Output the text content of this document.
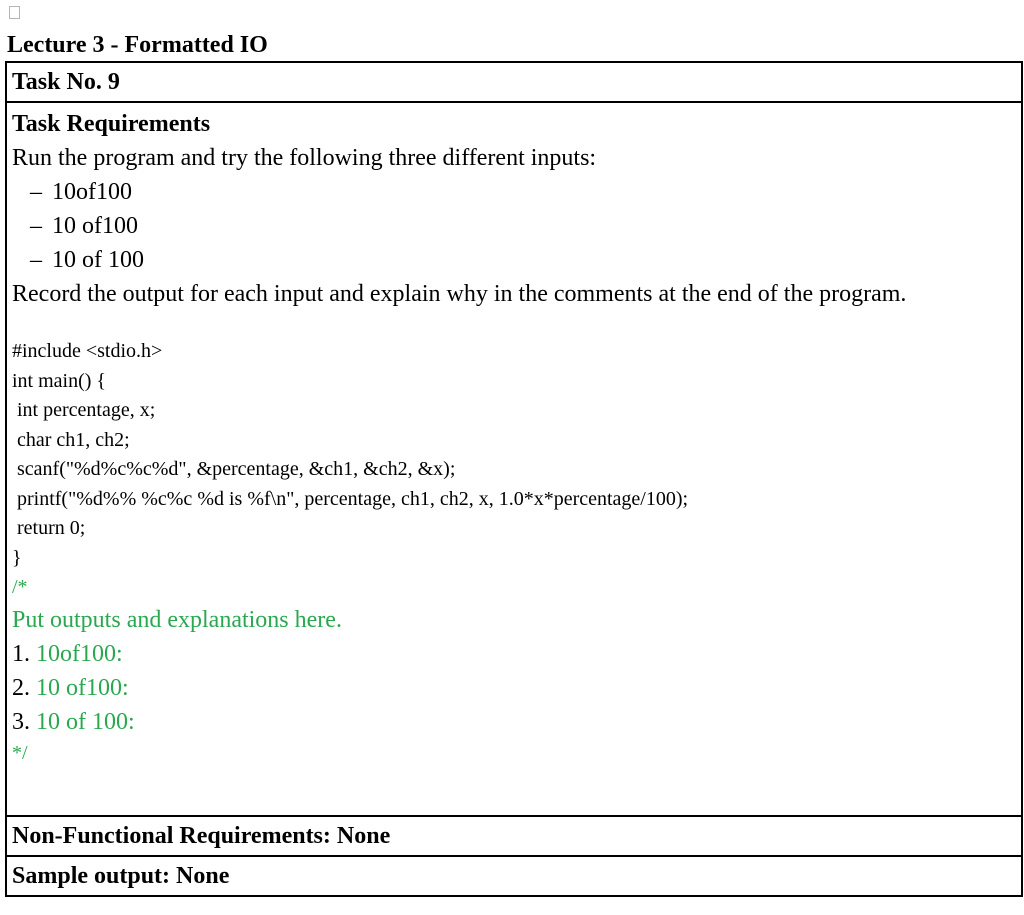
Lecture 3 - Formatted IO
Task No. 9

Task Requirements
Run the program and try the following three different inputs:
– 10of100
– 10 of100
– 10 of 100
Record the output for each input and explain why in the comments at the end of the program.
#include <stdio.h>
int main() {
int percentage, x;
char ch1, ch2;
scanf("%d%c%c%d", &percentage, &ch1, &ch2, &x);
printf("%d%% %c%c %d is %f\n", percentage, ch1, ch2, x, 1.0*x*percentage/100);
return 0;
}
/*
Put outputs and explanations here.
1. 10of100:
2. 10 of100:
3. 10 of 100:
*/

Non-Functional Requirements: None
Sample output: None
